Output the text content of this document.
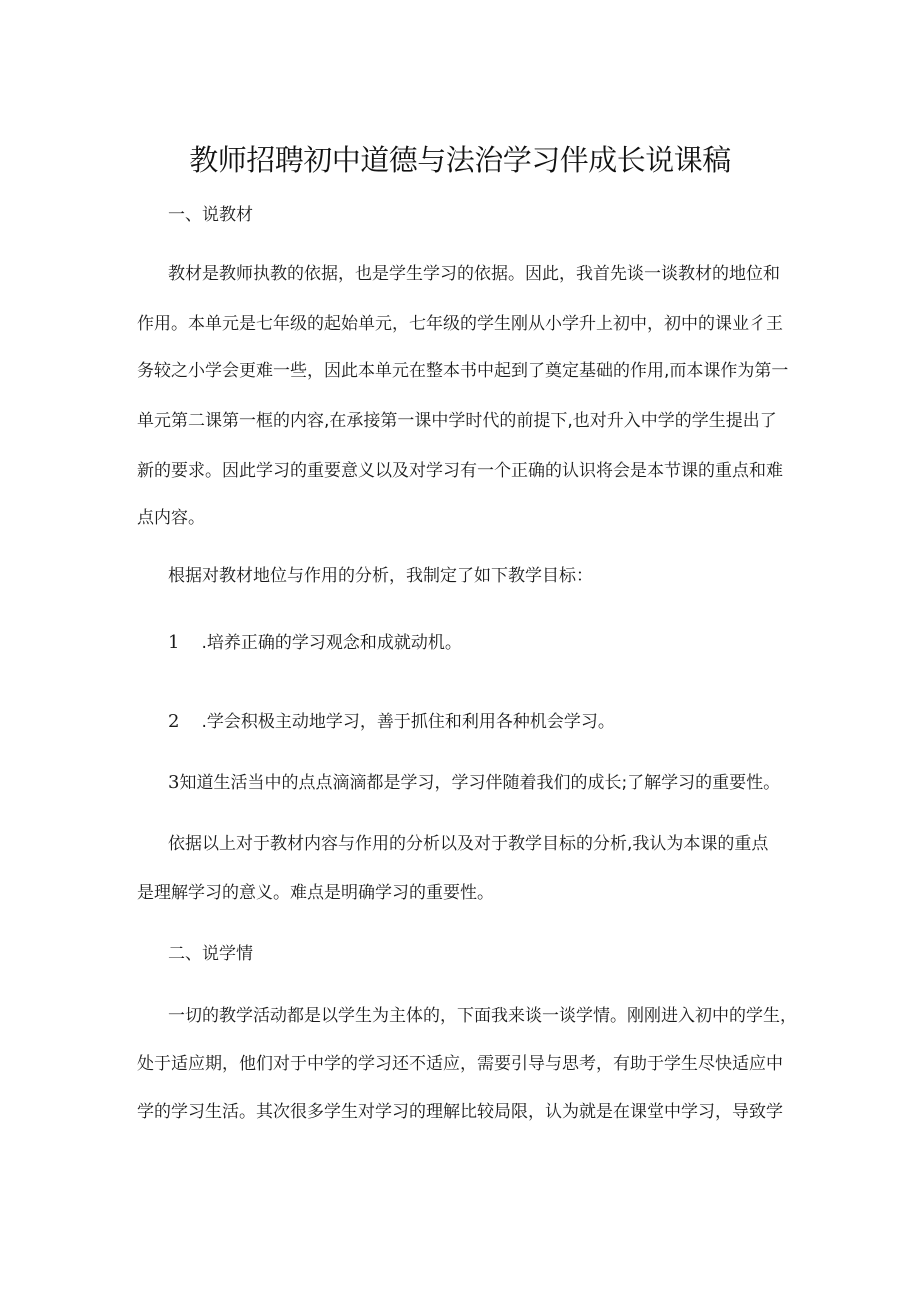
教师招聘初中道德与法治学习伴成长说课稿
一、说教材
教材是教师执教的依据，也是学生学习的依据。因此，我首先谈一谈教材的地位和
作用。本单元是七年级的起始单元，七年级的学生刚从小学升上初中，初中的课业彳王
务较之小学会更难一些，因此本单元在整本书中起到了奠定基础的作用,而本课作为第一
单元第二课第一框的内容,在承接第一课中学时代的前提下,也对升入中学的学生提出了
新的要求。因此学习的重要意义以及对学习有一个正确的认识将会是本节课的重点和难
点内容。
根据对教材地位与作用的分析，我制定了如下教学目标：
1 .培养正确的学习观念和成就动机。
2 .学会积极主动地学习，善于抓住和利用各种机会学习。
3知道生活当中的点点滴滴都是学习，学习伴随着我们的成长;了解学习的重要性。
依据以上对于教材内容与作用的分析以及对于教学目标的分析,我认为本课的重点
是理解学习的意义。难点是明确学习的重要性。
二、说学情
一切的教学活动都是以学生为主体的，下面我来谈一谈学情。刚刚进入初中的学生，
处于适应期，他们对于中学的学习还不适应，需要引导与思考，有助于学生尽快适应中
学的学习生活。其次很多学生对学习的理解比较局限，认为就是在课堂中学习，导致学
